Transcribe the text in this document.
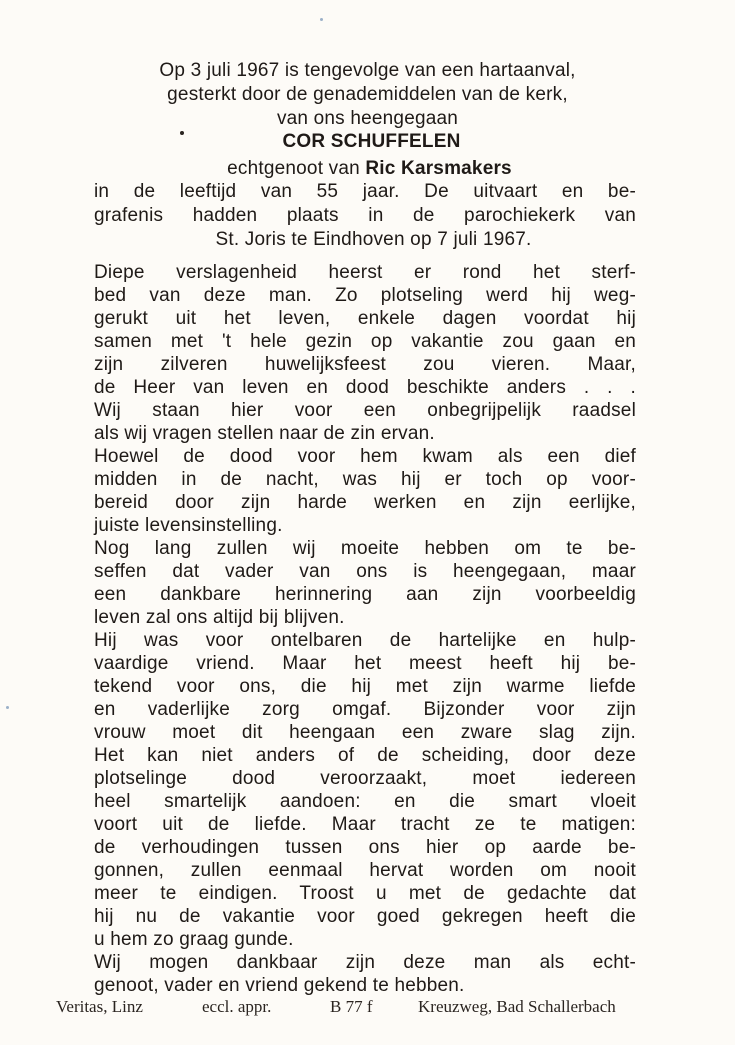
Op 3 juli 1967 is tengevolge van een hartaanval,
gesterkt door de genademiddelen van de kerk,
van ons heengegaan
COR SCHUFFELEN
echtgenoot van Ric Karsmakers
in de leeftijd van 55 jaar. De uitvaart en be-
grafenis hadden plaats in de parochiekerk van
St. Joris te Eindhoven op 7 juli 1967.
Diepe verslagenheid heerst er rond het sterf-
bed van deze man. Zo plotseling werd hij weg-
gerukt uit het leven, enkele dagen voordat hij
samen met 't hele gezin op vakantie zou gaan en
zijn zilveren huwelijksfeest zou vieren. Maar,
de Heer van leven en dood beschikte anders . . .
Wij staan hier voor een onbegrijpelijk raadsel
als wij vragen stellen naar de zin ervan.
Hoewel de dood voor hem kwam als een dief
midden in de nacht, was hij er toch op voor-
bereid door zijn harde werken en zijn eerlijke,
juiste levensinstelling.
Nog lang zullen wij moeite hebben om te be-
seffen dat vader van ons is heengegaan, maar
een dankbare herinnering aan zijn voorbeeldig
leven zal ons altijd bij blijven.
Hij was voor ontelbaren de hartelijke en hulp-
vaardige vriend. Maar het meest heeft hij be-
tekend voor ons, die hij met zijn warme liefde
en vaderlijke zorg omgaf. Bijzonder voor zijn
vrouw moet dit heengaan een zware slag zijn.
Het kan niet anders of de scheiding, door deze
plotselinge dood veroorzaakt, moet iedereen
heel smartelijk aandoen: en die smart vloeit
voort uit de liefde. Maar tracht ze te matigen:
de verhoudingen tussen ons hier op aarde be-
gonnen, zullen eenmaal hervat worden om nooit
meer te eindigen. Troost u met de gedachte dat
hij nu de vakantie voor goed gekregen heeft die
u hem zo graag gunde.
Wij mogen dankbaar zijn deze man als echt-
genoot, vader en vriend gekend te hebben.
Veritas, Linz	eccl. appr.	B 77 f	Kreuzweg, Bad Schallerbach
